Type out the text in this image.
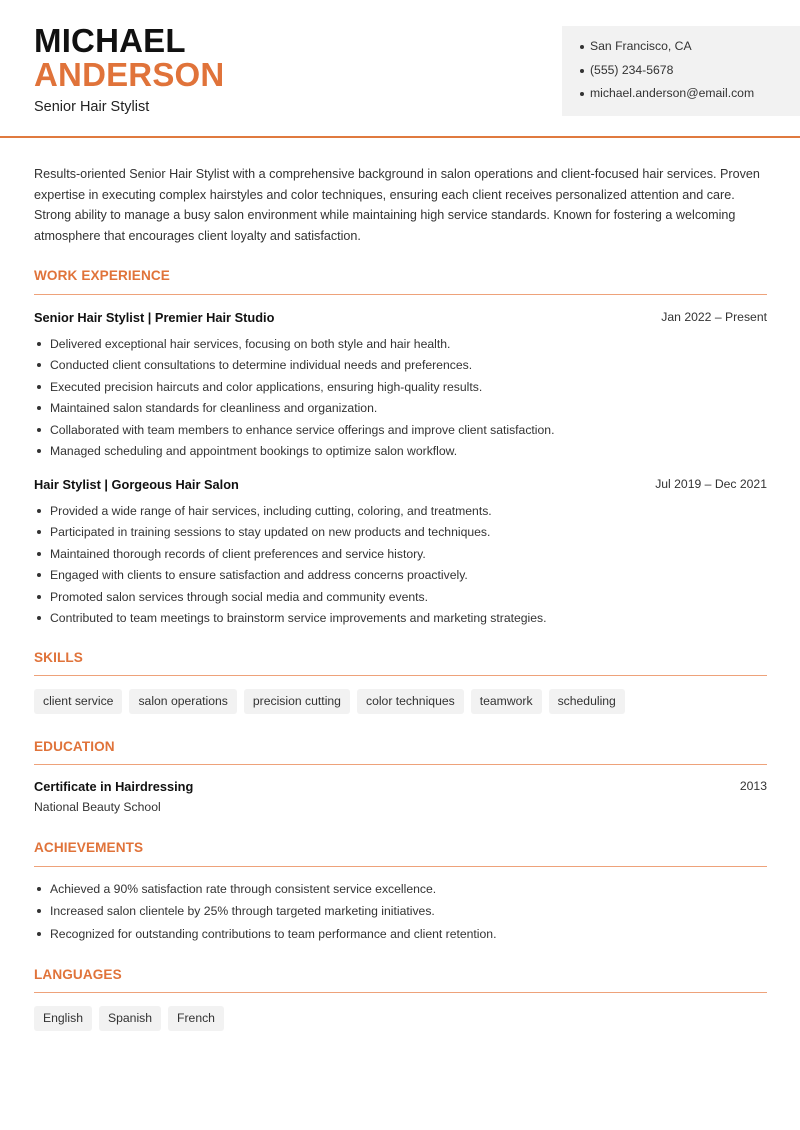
MICHAEL
ANDERSON
Senior Hair Stylist
San Francisco, CA
(555) 234-5678
michael.anderson@email.com
Results-oriented Senior Hair Stylist with a comprehensive background in salon operations and client-focused hair services. Proven expertise in executing complex hairstyles and color techniques, ensuring each client receives personalized attention and care. Strong ability to manage a busy salon environment while maintaining high service standards. Known for fostering a welcoming atmosphere that encourages client loyalty and satisfaction.
WORK EXPERIENCE
Senior Hair Stylist | Premier Hair Studio	Jan 2022 – Present
Delivered exceptional hair services, focusing on both style and hair health.
Conducted client consultations to determine individual needs and preferences.
Executed precision haircuts and color applications, ensuring high-quality results.
Maintained salon standards for cleanliness and organization.
Collaborated with team members to enhance service offerings and improve client satisfaction.
Managed scheduling and appointment bookings to optimize salon workflow.
Hair Stylist | Gorgeous Hair Salon	Jul 2019 – Dec 2021
Provided a wide range of hair services, including cutting, coloring, and treatments.
Participated in training sessions to stay updated on new products and techniques.
Maintained thorough records of client preferences and service history.
Engaged with clients to ensure satisfaction and address concerns proactively.
Promoted salon services through social media and community events.
Contributed to team meetings to brainstorm service improvements and marketing strategies.
SKILLS
client service	salon operations	precision cutting	color techniques	teamwork	scheduling
EDUCATION
Certificate in Hairdressing	2013
National Beauty School
ACHIEVEMENTS
Achieved a 90% satisfaction rate through consistent service excellence.
Increased salon clientele by 25% through targeted marketing initiatives.
Recognized for outstanding contributions to team performance and client retention.
LANGUAGES
English	Spanish	French
